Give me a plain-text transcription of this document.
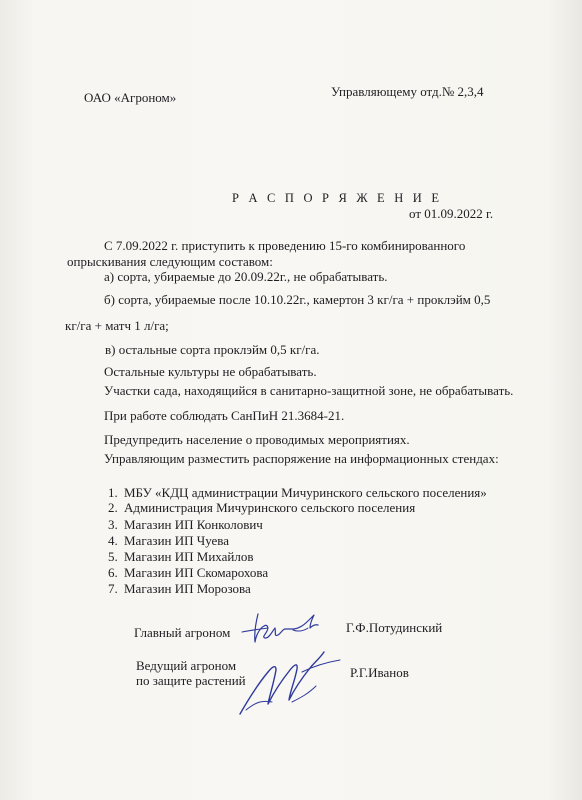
ОАО «Агроном»	Управляющему отд.№ 2,3,4
Р А С П О Р Я Ж Е Н И Е
от 01.09.2022 г.
С 7.09.2022 г. приступить к проведению 15-го комбинированного
опрыскивания следующим составом:
а) сорта, убираемые до 20.09.22г., не обрабатывать.
б) сорта, убираемые после 10.10.22г., камертон 3 кг/га + проклэйм 0,5
кг/га + матч 1 л/га;
в) остальные сорта проклэйм 0,5 кг/га.
Остальные культуры не обрабатывать.
Участки сада, находящийся в санитарно-защитной зоне, не обрабатывать.
При работе соблюдать СанПиН 21.3684-21.
Предупредить население о проводимых мероприятиях.
Управляющим разместить распоряжение на информационных стендах:
1. МБУ «КДЦ администрации Мичуринского сельского поселения»
2. Администрация Мичуринского сельского поселения
3. Магазин ИП Конколович
4. Магазин ИП Чуева
5. Магазин ИП Михайлов
6. Магазин ИП Скомарохова
7. Магазин ИП Морозова
Главный агроном	Г.Ф.Потудинский
Ведущий агроном
по защите растений
Р.Г.Иванов
